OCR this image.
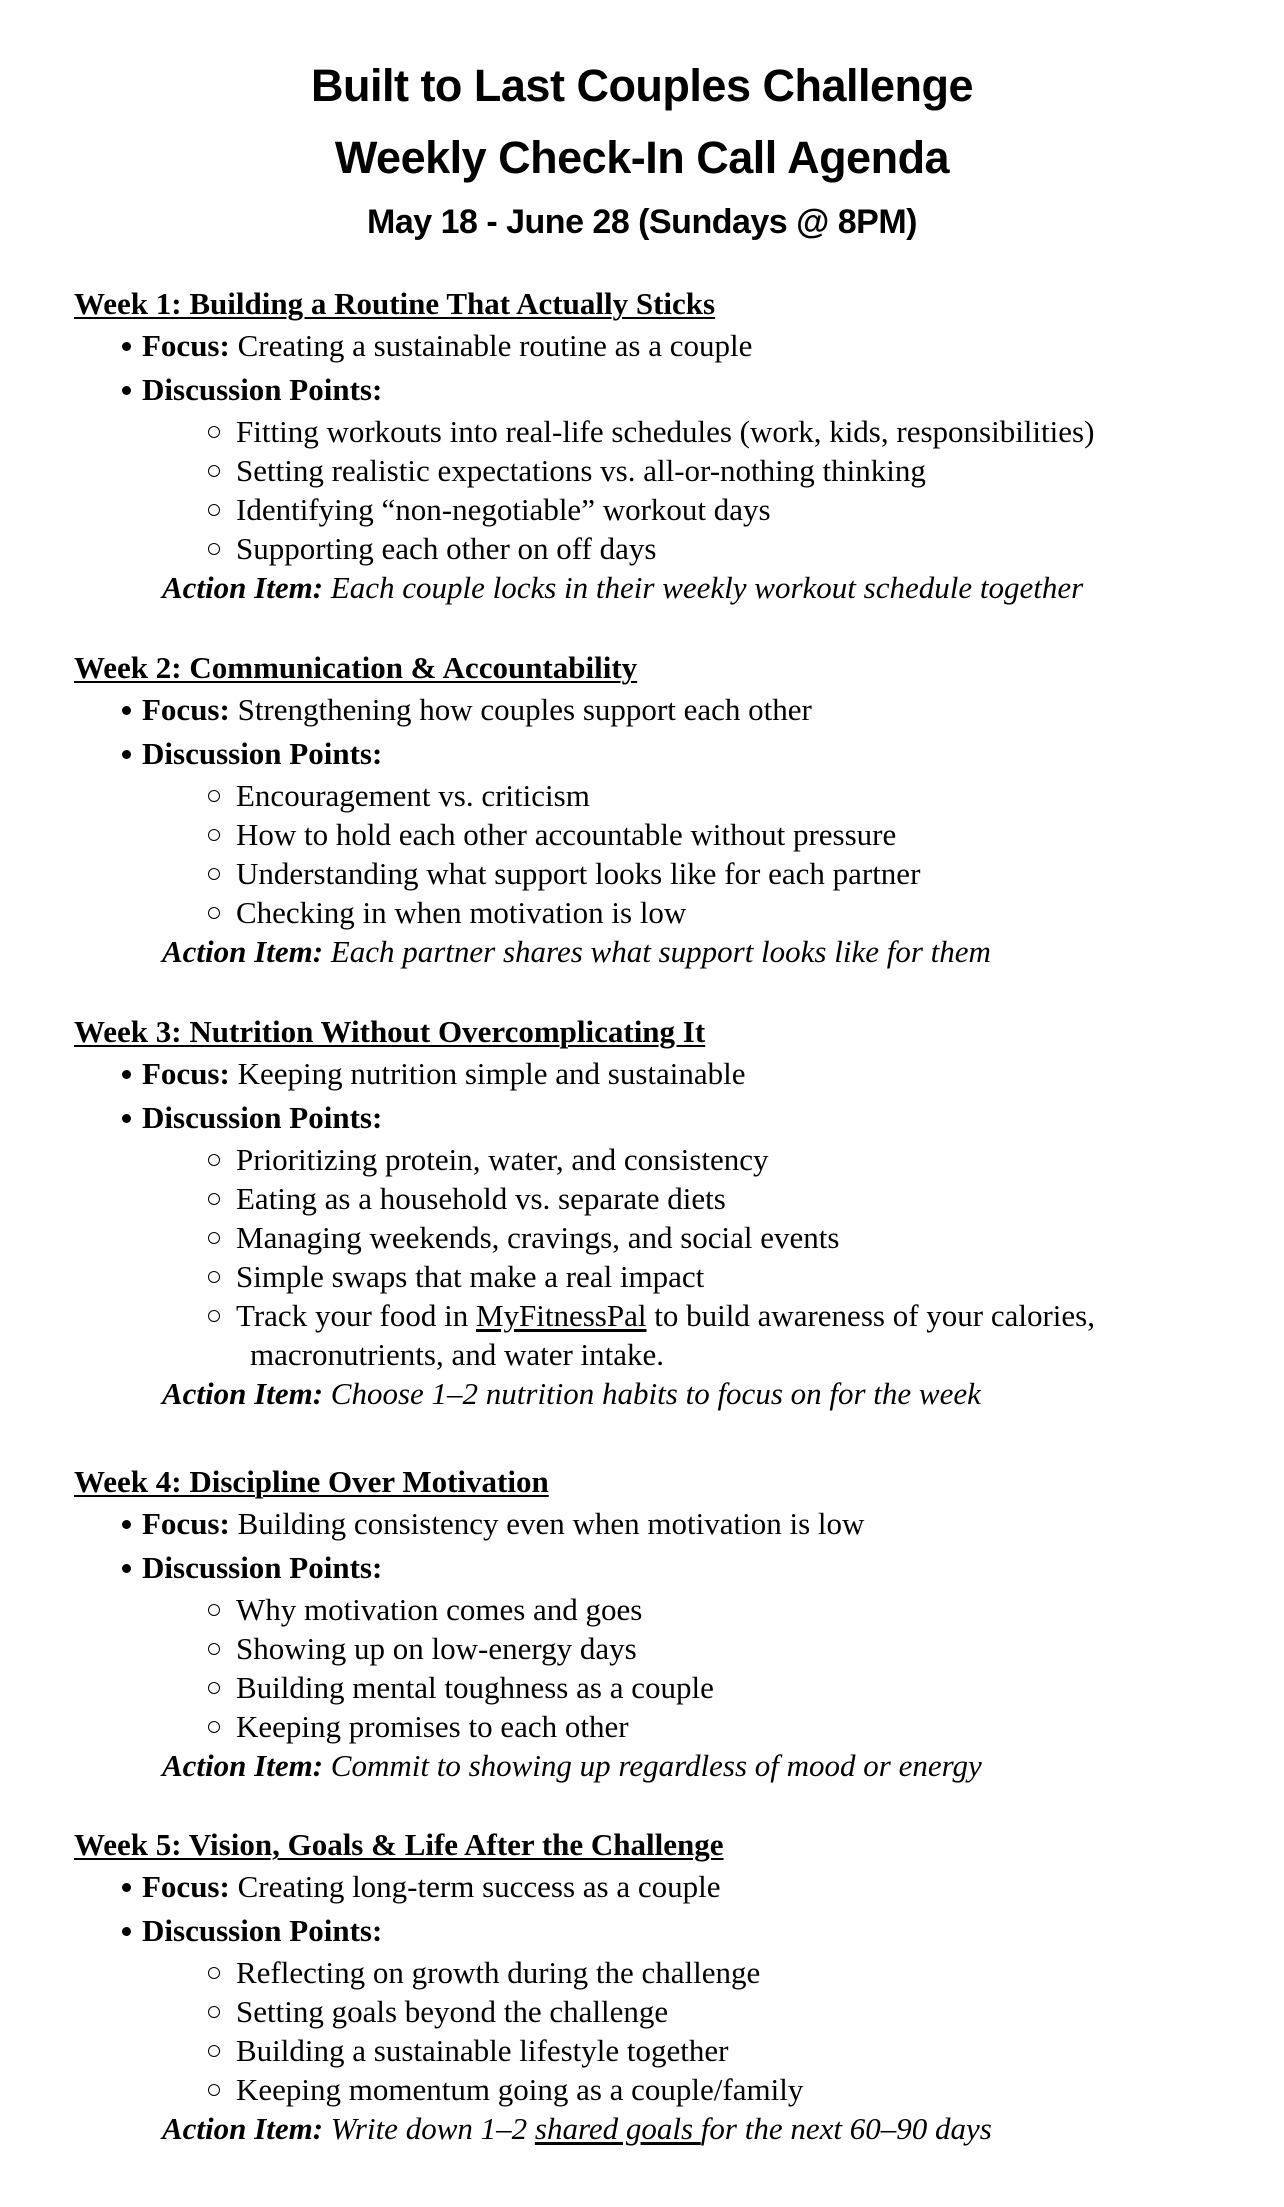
Built to Last Couples Challenge
Weekly Check-In Call Agenda
May 18 - June 28 (Sundays @ 8PM)
Week 1: Building a Routine That Actually Sticks
Focus: Creating a sustainable routine as a couple
Discussion Points:
Fitting workouts into real-life schedules (work, kids, responsibilities)
Setting realistic expectations vs. all-or-nothing thinking
Identifying “non-negotiable” workout days
Supporting each other on off days
Action Item: Each couple locks in their weekly workout schedule together
Week 2: Communication & Accountability
Focus: Strengthening how couples support each other
Discussion Points:
Encouragement vs. criticism
How to hold each other accountable without pressure
Understanding what support looks like for each partner
Checking in when motivation is low
Action Item: Each partner shares what support looks like for them
Week 3: Nutrition Without Overcomplicating It
Focus: Keeping nutrition simple and sustainable
Discussion Points:
Prioritizing protein, water, and consistency
Eating as a household vs. separate diets
Managing weekends, cravings, and social events
Simple swaps that make a real impact
Track your food in MyFitnessPal to build awareness of your calories,
macronutrients, and water intake.
Action Item: Choose 1–2 nutrition habits to focus on for the week
Week 4: Discipline Over Motivation
Focus: Building consistency even when motivation is low
Discussion Points:
Why motivation comes and goes
Showing up on low-energy days
Building mental toughness as a couple
Keeping promises to each other
Action Item: Commit to showing up regardless of mood or energy
Week 5: Vision, Goals & Life After the Challenge
Focus: Creating long-term success as a couple
Discussion Points:
Reflecting on growth during the challenge
Setting goals beyond the challenge
Building a sustainable lifestyle together
Keeping momentum going as a couple/family
Action Item: Write down 1–2 shared goals for the next 60–90 days
